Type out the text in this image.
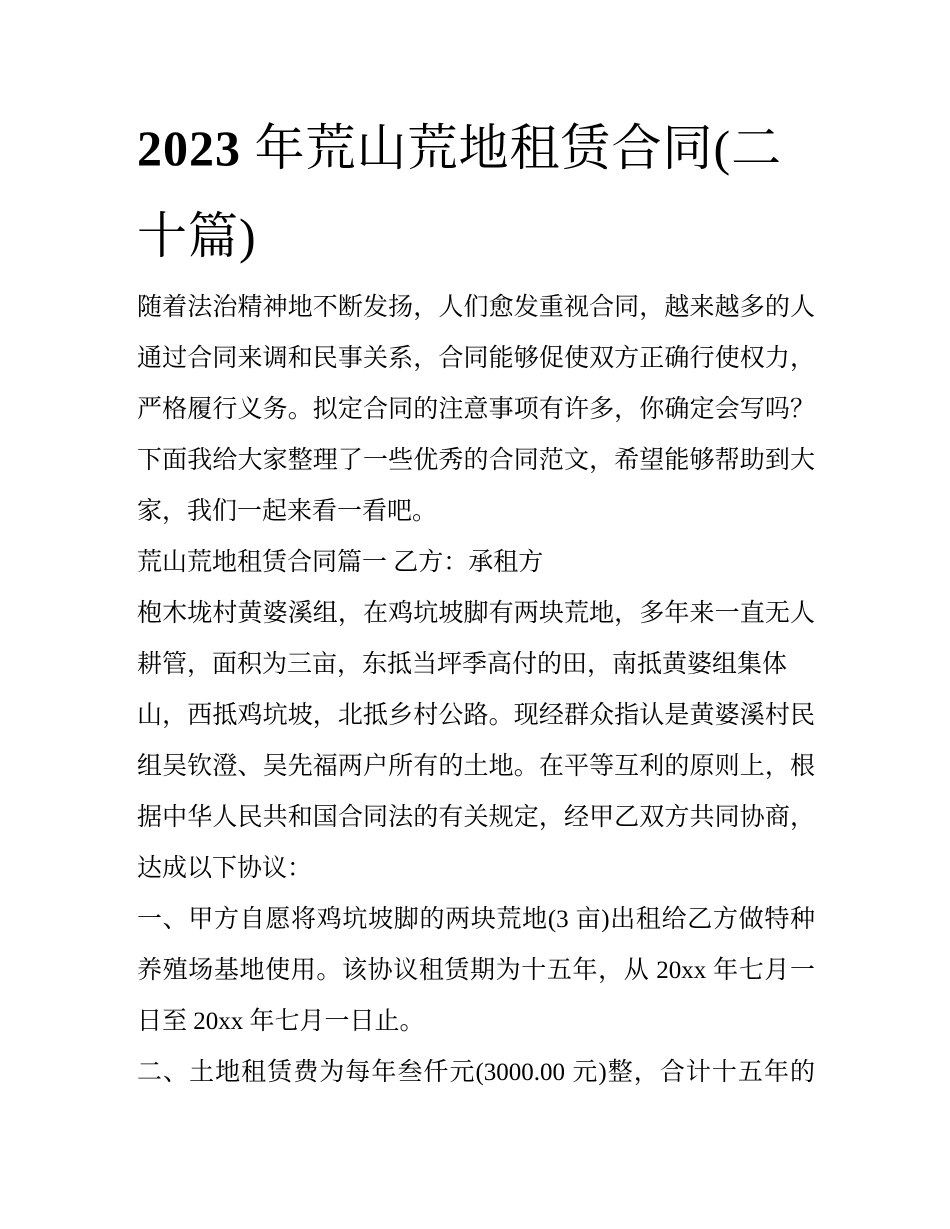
2023 年荒山荒地租赁合同(二
十篇)
随着法治精神地不断发扬，人们愈发重视合同，越来越多的人
通过合同来调和民事关系，合同能够促使双方正确行使权力，
严格履行义务。拟定合同的注意事项有许多，你确定会写吗？
下面我给大家整理了一些优秀的合同范文，希望能够帮助到大
家，我们一起来看一看吧。
荒山荒地租赁合同篇一 乙方：承租方
枹木垅村黄婆溪组，在鸡坑坡脚有两块荒地，多年来一直无人
耕管，面积为三亩，东抵当坪季高付的田，南抵黄婆组集体
山，西抵鸡坑坡，北抵乡村公路。现经群众指认是黄婆溪村民
组吴钦澄、吴先福两户所有的土地。在平等互利的原则上，根
据中华人民共和国合同法的有关规定，经甲乙双方共同协商，
达成以下协议：
一、甲方自愿将鸡坑坡脚的两块荒地(3 亩)出租给乙方做特种
养殖场基地使用。该协议租赁期为十五年，从 20xx 年七月一
日至 20xx 年七月一日止。
二、土地租赁费为每年叁仟元(3000.00 元)整，合计十五年的
